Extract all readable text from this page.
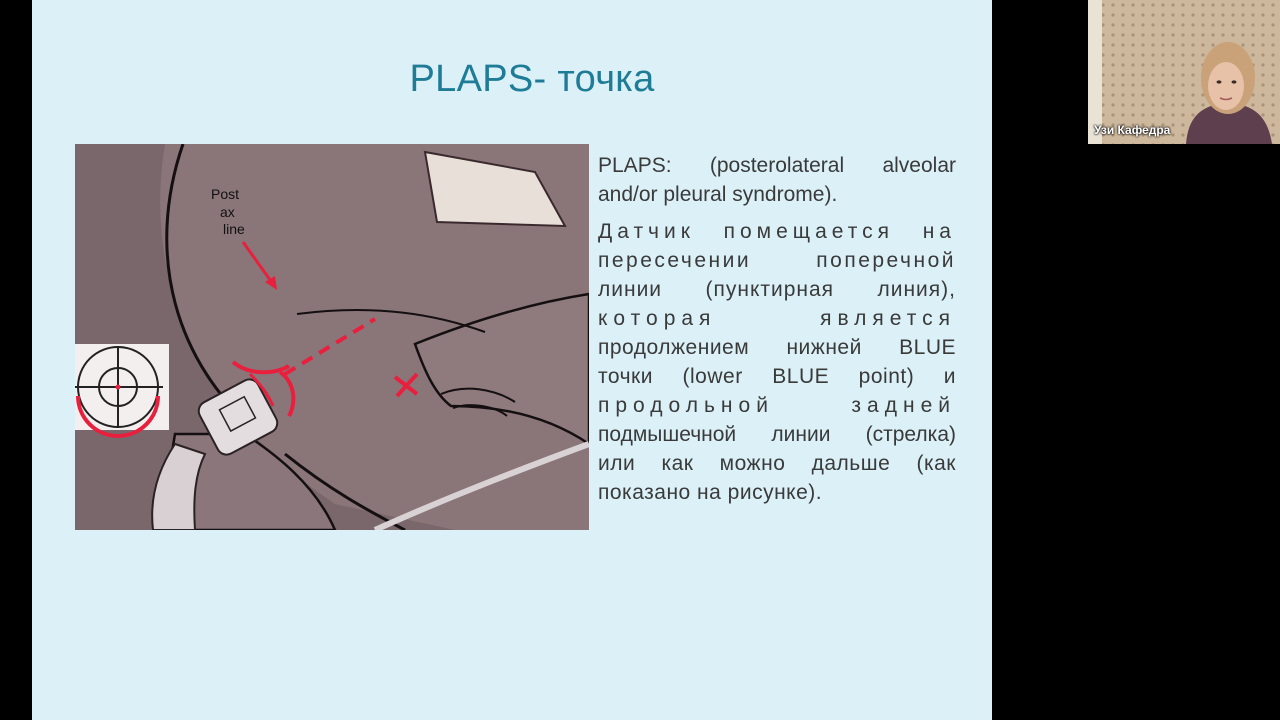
PLAPS- точка
Post
ax
line

PLAPS: (posterolateral alveolar and/or pleural syndrome).

Датчик помещается на
пересечении поперечной
линии (пунктирная линия),
которая является
продолжением нижней BLUE
точки (lower BLUE point) и
продольной задней
подмышечной линии (стрелка)
или как можно дальше (как
показано на рисунке).
Узи Кафедра
